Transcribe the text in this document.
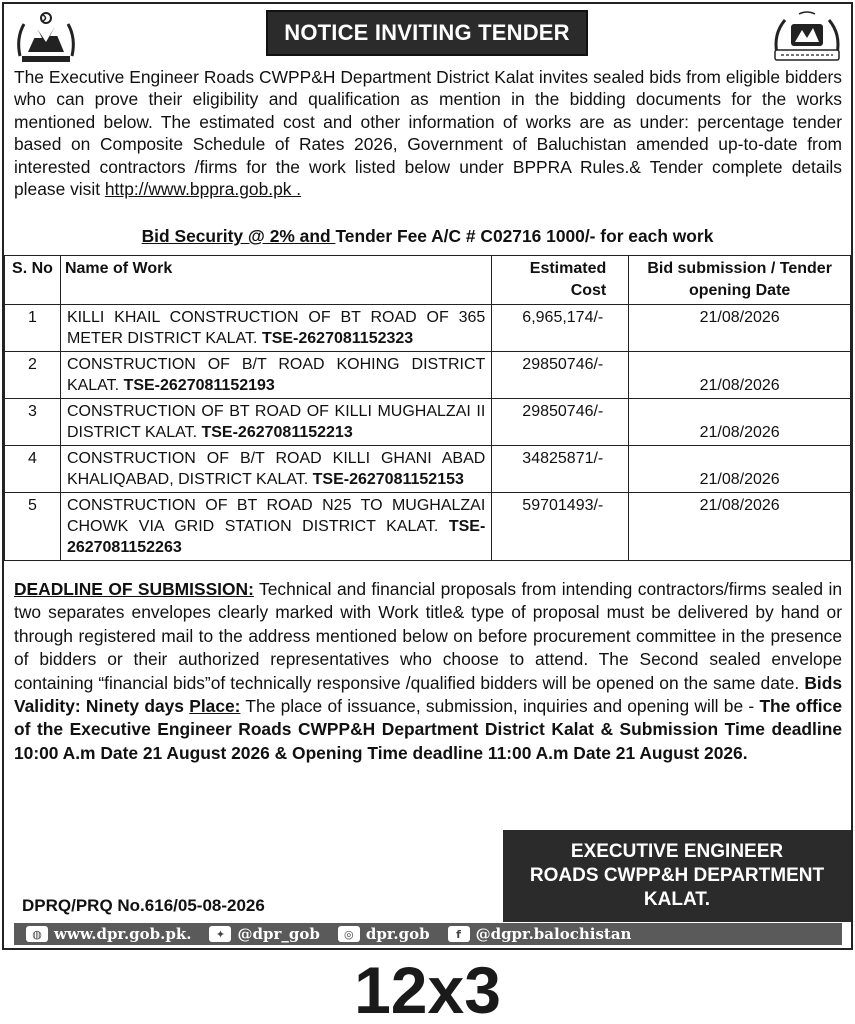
NOTICE INVITING TENDER

The Executive Engineer Roads CWPP&H Department District Kalat invites sealed bids from eligible bidders who can prove their eligibility and qualification as mention in the bidding documents for the works mentioned below. The estimated cost and other information of works are as under: percentage tender based on Composite Schedule of Rates 2026, Government of Baluchistan amended up-to-date from interested contractors /firms for the work listed below under BPPRA Rules.& Tender complete details please visit http://www.bppra.gob.pk .

Bid Security @ 2% and Tender Fee A/C # C02716 1000/- for each work
S. No	Name of Work	Estimated Cost	Bid submission / Tender opening Date
1	KILLI KHAIL CONSTRUCTION OF BT ROAD OF 365 METER DISTRICT KALAT. TSE-2627081152323	6,965,174/-	21/08/2026
2	CONSTRUCTION OF B/T ROAD KOHING DISTRICT KALAT. TSE-2627081152193	29850746/-	21/08/2026
3	CONSTRUCTION OF BT ROAD OF KILLI MUGHALZAI II DISTRICT KALAT. TSE-2627081152213	29850746/-	21/08/2026
4	CONSTRUCTION OF B/T ROAD KILLI GHANI ABAD KHALIQABAD, DISTRICT KALAT. TSE-2627081152153	34825871/-	21/08/2026
5	CONSTRUCTION OF BT ROAD N25 TO MUGHALZAI CHOWK VIA GRID STATION DISTRICT KALAT. TSE-2627081152263	59701493/-	21/08/2026

DEADLINE OF SUBMISSION: Technical and financial proposals from intending contractors/firms sealed in two separates envelopes clearly marked with Work title& type of proposal must be delivered by hand or through registered mail to the address mentioned below on before procurement committee in the presence of bidders or their authorized representatives who choose to attend. The Second sealed envelope containing “financial bids”of technically responsive /qualified bidders will be opened on the same date. Bids Validity: Ninety days Place: The place of issuance, submission, inquiries and opening will be - The office of the Executive Engineer Roads CWPP&H Department District Kalat & Submission Time deadline 10:00 A.m Date 21 August 2026 & Opening Time deadline 11:00 A.m Date 21 August 2026.

EXECUTIVE ENGINEER
ROADS CWPP&H DEPARTMENT
KALAT.
DPRQ/PRQ No.616/05-08-2026
◍ www.dpr.gob.pk.	✦ @dpr_gob	◎ dpr.gob	f @dgpr.balochistan
12x3
